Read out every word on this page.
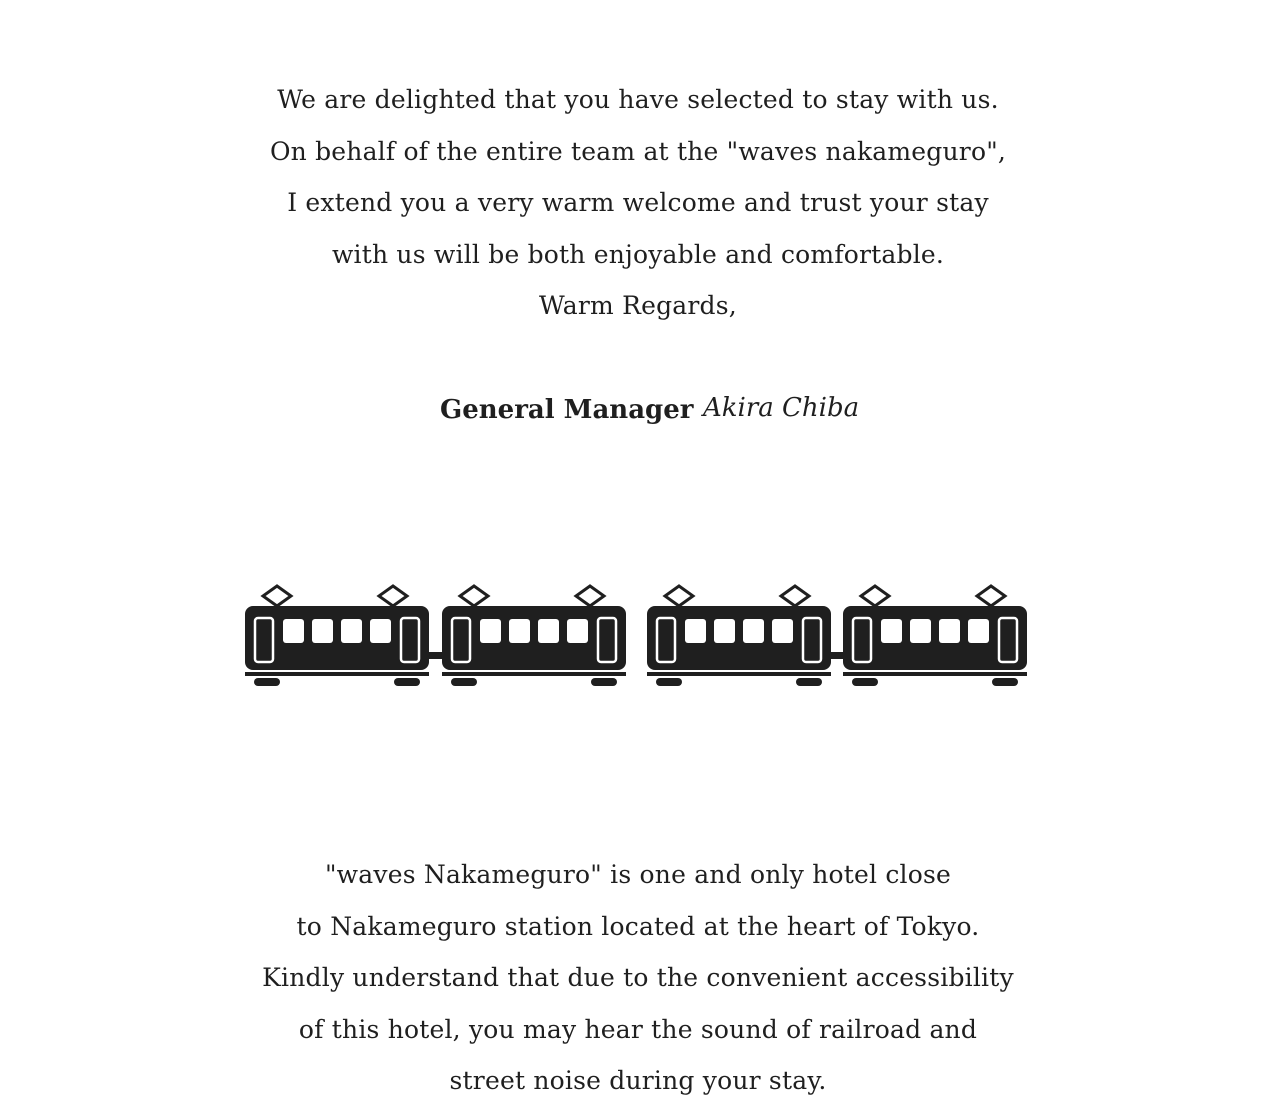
We are delighted that you have selected to stay with us.
On behalf of the entire team at the "waves nakameguro",
I extend you a very warm welcome and trust your stay
with us will be both enjoyable and comfortable.
Warm Regards,
General Manager Akira Chiba
"waves Nakameguro" is one and only hotel close
to Nakameguro station located at the heart of Tokyo.
Kindly understand that due to the convenient accessibility
of this hotel, you may hear the sound of railroad and
street noise during your stay.
